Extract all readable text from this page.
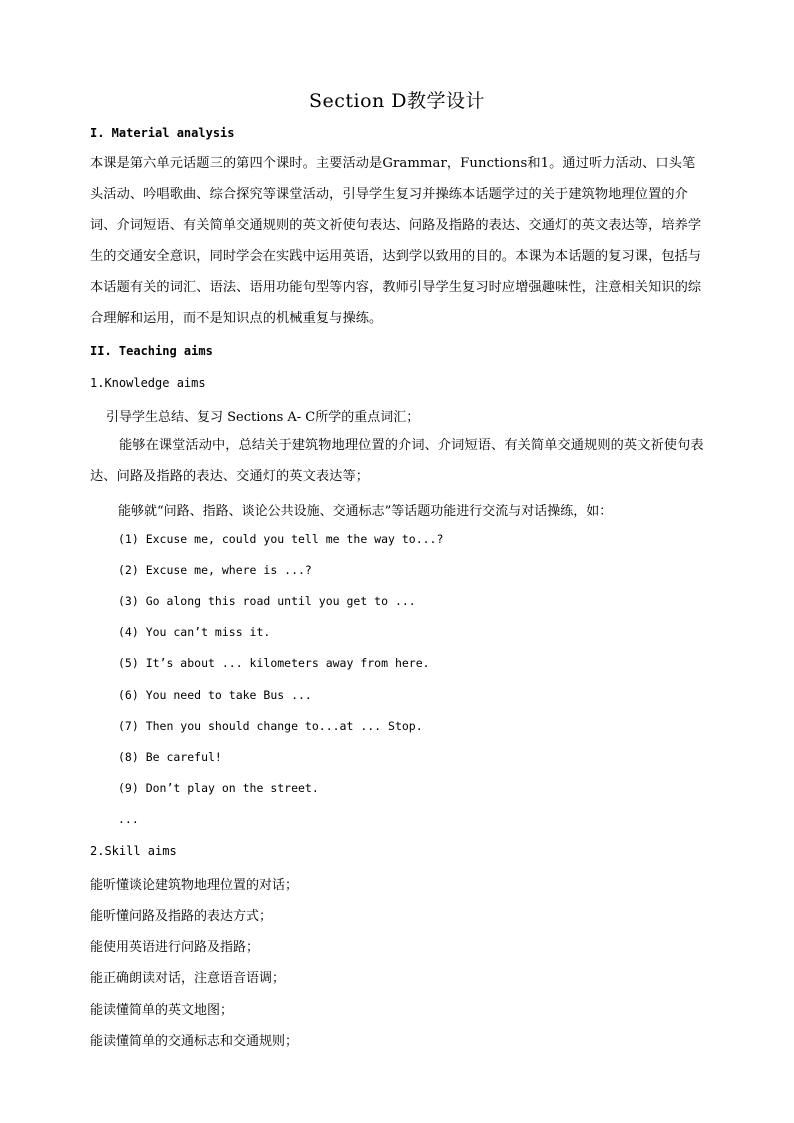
Section D教学设计
I. Material analysis
本课是第六单元话题三的第四个课时。主要活动是Grammar，Functions和1。通过听力活动、口头笔头活动、吟唱歌曲、综合探究等课堂活动，引导学生复习并操练本话题学过的关于建筑物地理位置的介词、介词短语、有关简单交通规则的英文祈使句表达、问路及指路的表达、交通灯的英文表达等，培养学生的交通安全意识，同时学会在实践中运用英语，达到学以致用的目的。本课为本话题的复习课，包括与本话题有关的词汇、语法、语用功能句型等内容，教师引导学生复习时应增强趣味性，注意相关知识的综合理解和运用，而不是知识点的机械重复与操练。
II. Teaching aims
1.Knowledge aims
引导学生总结、复习 Sections A- C所学的重点词汇；
能够在课堂活动中，总结关于建筑物地理位置的介词、介词短语、有关简单交通规则的英文祈使句表达、问路及指路的表达、交通灯的英文表达等；
能够就“问路、指路、谈论公共设施、交通标志”等话题功能进行交流与对话操练，如：
(1) Excuse me, could you tell me the way to...?
(2) Excuse me, where is ...?
(3) Go along this road until you get to ...
(4) You can’t miss it.
(5) It’s about ... kilometers away from here.
(6) You need to take Bus ...
(7) Then you should change to...at ... Stop.
(8) Be careful!
(9) Don’t play on the street.
...
2.Skill aims
能听懂谈论建筑物地理位置的对话；
能听懂问路及指路的表达方式；
能使用英语进行问路及指路；
能正确朗读对话，注意语音语调；
能读懂简单的英文地图；
能读懂简单的交通标志和交通规则；
